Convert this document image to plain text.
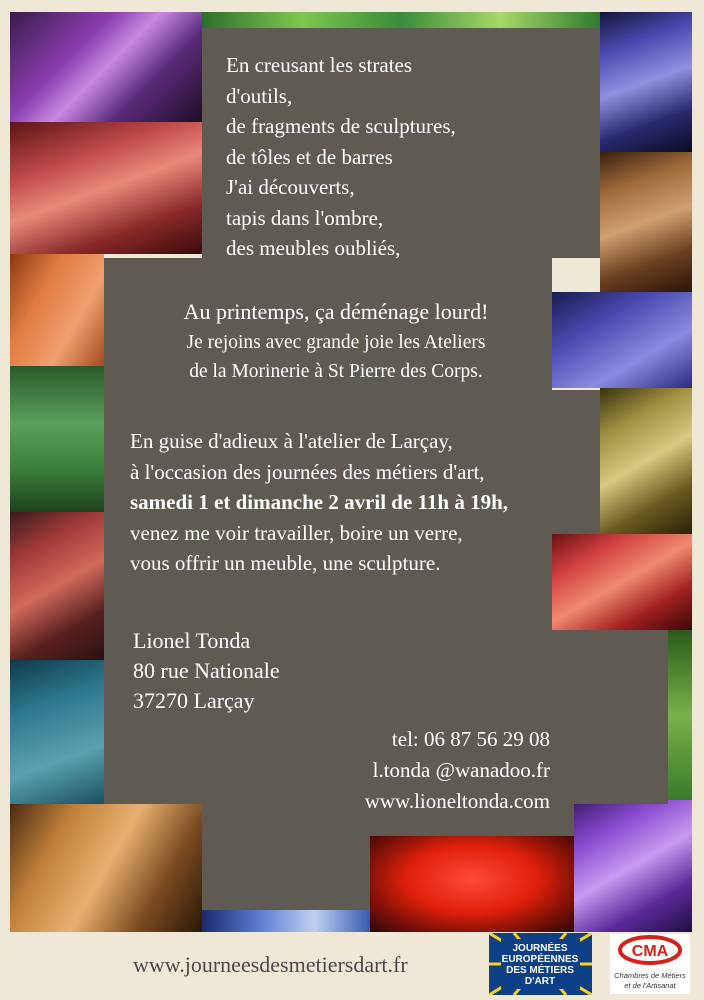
En creusant les strates
d'outils,
de fragments de sculptures,
de tôles et de barres
J'ai découverts,
tapis dans l'ombre,
des meubles oubliés,
Au printemps, ça déménage lourd!
Je rejoins avec grande joie les Ateliers
de la Morinerie à St Pierre des Corps.
En guise d'adieux à l'atelier de Larçay,
à l'occasion des journées des métiers d'art,
samedi 1 et dimanche 2 avril de 11h à 19h,
venez me voir travailler, boire un verre,
vous offrir un meuble, une sculpture.
Lionel Tonda
80 rue Nationale
37270 Larçay
tel: 06 87 56 29 08
l.tonda @wanadoo.fr
www.lioneltonda.com
www.journeesdesmetiersdart.fr
JOURNÉES
EUROPÉENNES
DES MÉTIERS
D'ART
CMA
Chambres de Métiers
et de l'Artisanat
